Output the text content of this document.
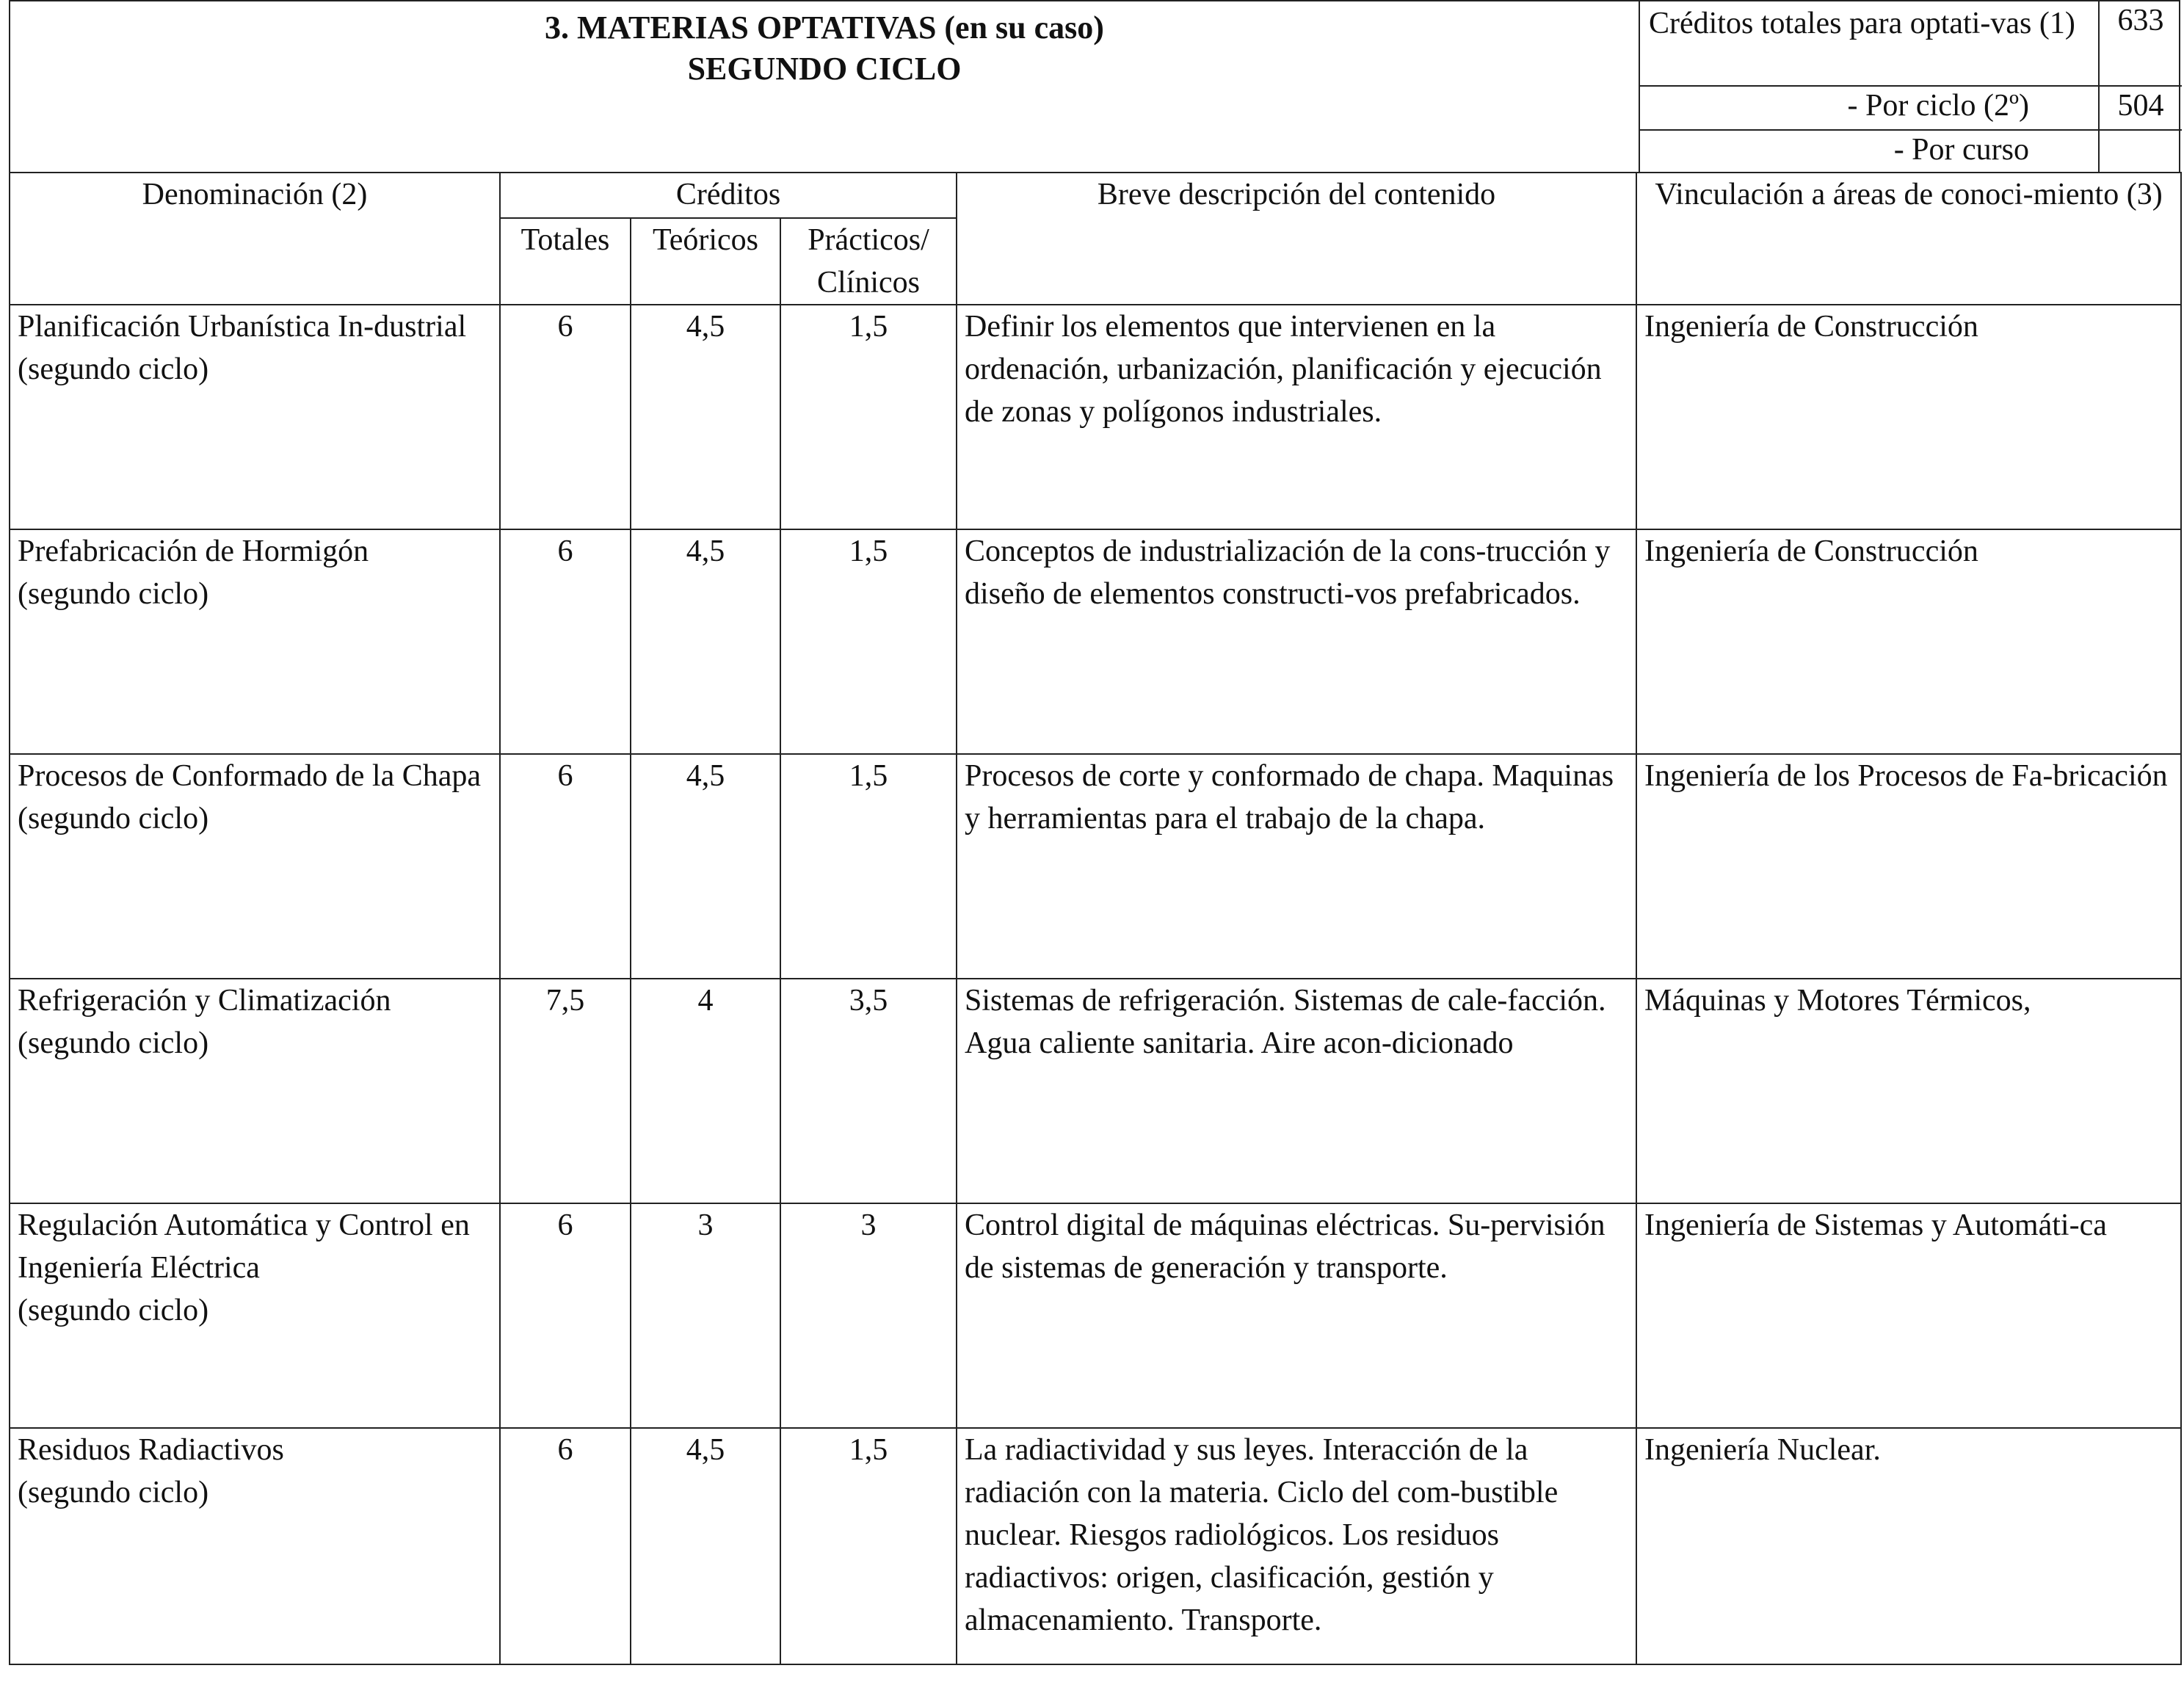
3. MATERIAS OPTATIVAS (en su caso)
SEGUNDO CICLO
Créditos totales para optati-vas (1)	633
- Por ciclo (2º)	504
- Por curso
Denominación (2)	Créditos			Breve descripción del contenido	Vinculación a áreas de conoci-miento (3)
	Totales	Teóricos	Prácticos/ Clínicos		

Planificación Urbanística In-dustrial
(segundo ciclo)	6	4,5	1,5	Definir los elementos que intervienen en la ordenación, urbanización, planificación y ejecución de zonas y polígonos industriales.	Ingeniería de Construcción

Prefabricación de Hormigón
(segundo ciclo)	6	4,5	1,5	Conceptos de industrialización de la cons-trucción y diseño de elementos constructi-vos prefabricados.	Ingeniería de Construcción

Procesos de Conformado de la Chapa
(segundo ciclo)	6	4,5	1,5	Procesos de corte y conformado de chapa. Maquinas y herramientas para el trabajo de la chapa.	Ingeniería de los Procesos de Fa-bricación

Refrigeración y Climatización
(segundo ciclo)	7,5	4	3,5	Sistemas de refrigeración. Sistemas de cale-facción. Agua caliente sanitaria. Aire acon-dicionado	Máquinas y Motores Térmicos,

Regulación Automática y Control en Ingeniería Eléctrica
(segundo ciclo)	6	3	3	Control digital de máquinas eléctricas. Su-pervisión de sistemas de generación y transporte.	Ingeniería de Sistemas y Automáti-ca

Residuos Radiactivos
(segundo ciclo)	6	4,5	1,5	La radiactividad y sus leyes. Interacción de la radiación con la materia. Ciclo del com-bustible nuclear. Riesgos radiológicos. Los residuos radiactivos: origen, clasificación, gestión y almacenamiento. Transporte.	Ingeniería Nuclear.
